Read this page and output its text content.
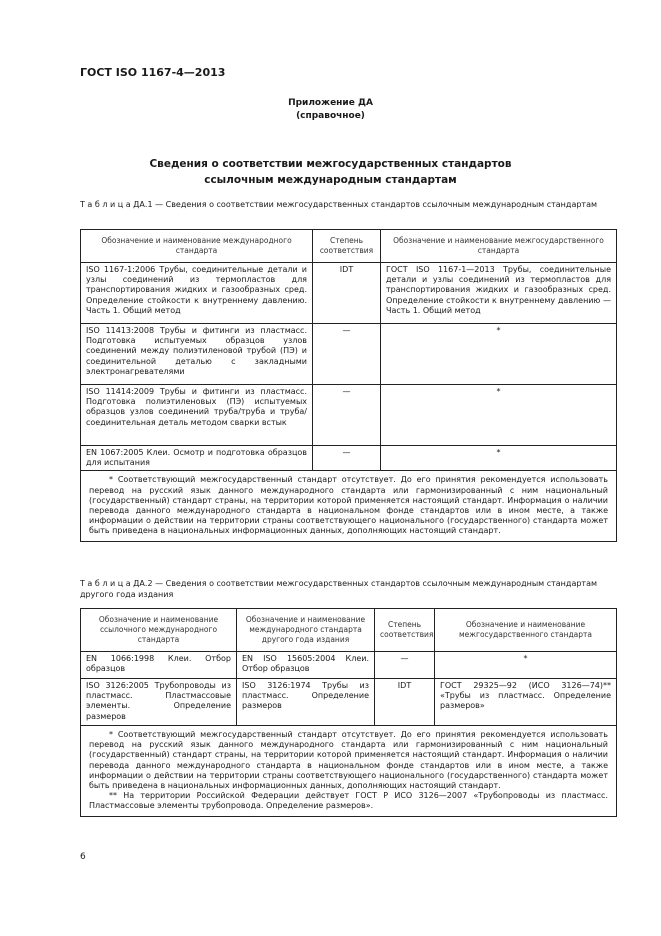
ГОСТ ISO 1167-4—2013
Приложение ДА
(справочное)
Сведения о соответствии межгосударственных стандартов
ссылочным международным стандартам
Т а б л и ц а ДА.1 — Сведения о соответствии межгосударственных стандартов ссылочным международным стандартам
Обозначение и наименование международного стандарта	Степень соответствия	Обозначение и наименование межгосударственного стандарта
ISO 1167-1:2006 Трубы, соединительные детали и узлы соединений из термопластов для транспортирования жидких и газообразных сред. Определение стойкости к внутреннему давлению. Часть 1. Общий метод	IDT	ГОСТ ISO 1167-1—2013 Трубы, соединительные детали и узлы соединений из термопластов для транспортирования жидких и газообразных сред. Определение стойкости к внутреннему давлению — Часть 1. Общий метод
ISO 11413:2008 Трубы и фитинги из пластмасс. Подготовка испытуемых образцов узлов соединений между полиэтиленовой трубой (ПЭ) и соединительной деталью с закладными электронагревателями	—	*
ISO 11414:2009 Трубы и фитинги из пластмасс. Подготовка полиэтиленовых (ПЭ) испытуемых образцов узлов соединений труба/труба и труба/соединительная деталь методом сварки встык	—	*
EN 1067:2005 Клеи. Осмотр и подготовка образцов для испытания	—	*

* Соответствующий межгосударственный стандарт отсутствует. До его принятия рекомендуется использовать перевод на русский язык данного международного стандарта или гармонизированный с ним национальный (государственный) стандарт страны, на территории которой применяется настоящий стандарт. Информация о наличии перевода данного международного стандарта в национальном фонде стандартов или в ином месте, а также информации о действии на территории страны соответствующего национального (государственного) стандарта может быть приведена в национальных информационных данных, дополняющих настоящий стандарт.		

Т а б л и ц а ДА.2 — Сведения о соответствии межгосударственных стандартов ссылочным международным стандартам другого года издания
Обозначение и наименование ссылочного международного стандарта	Обозначение и наименование международного стандарта другого года издания	Степень соответствия	Обозначение и наименование межгосударственного стандарта
EN 1066:1998 Клеи. Отбор образцов	EN ISO 15605:2004 Клеи. Отбор образцов	—	*
ISO 3126:2005 Трубопроводы из пластмасс. Пластмассовые элементы. Определение размеров	ISO 3126:1974 Трубы из пластмасс. Определение размеров	IDT	ГОСТ 29325—92 (ИСО 3126—74)** «Трубы из пластмасс. Определение размеров»

* Соответствующий межгосударственный стандарт отсутствует. До его принятия рекомендуется использовать перевод на русский язык данного международного стандарта или гармонизированный с ним национальный (государственный) стандарт страны, на территории которой применяется настоящий стандарт. Информация о наличии перевода данного международного стандарта в национальном фонде стандартов или в ином месте, а также информации о действии на территории страны соответствующего национального (государственного) стандарта может быть приведена в национальных информационных данных, дополняющих настоящий стандарт.

** На территории Российской Федерации действует ГОСТ Р ИСО 3126—2007 «Трубопроводы из пластмасс. Пластмассовые элементы трубопровода. Определение размеров».			

6
